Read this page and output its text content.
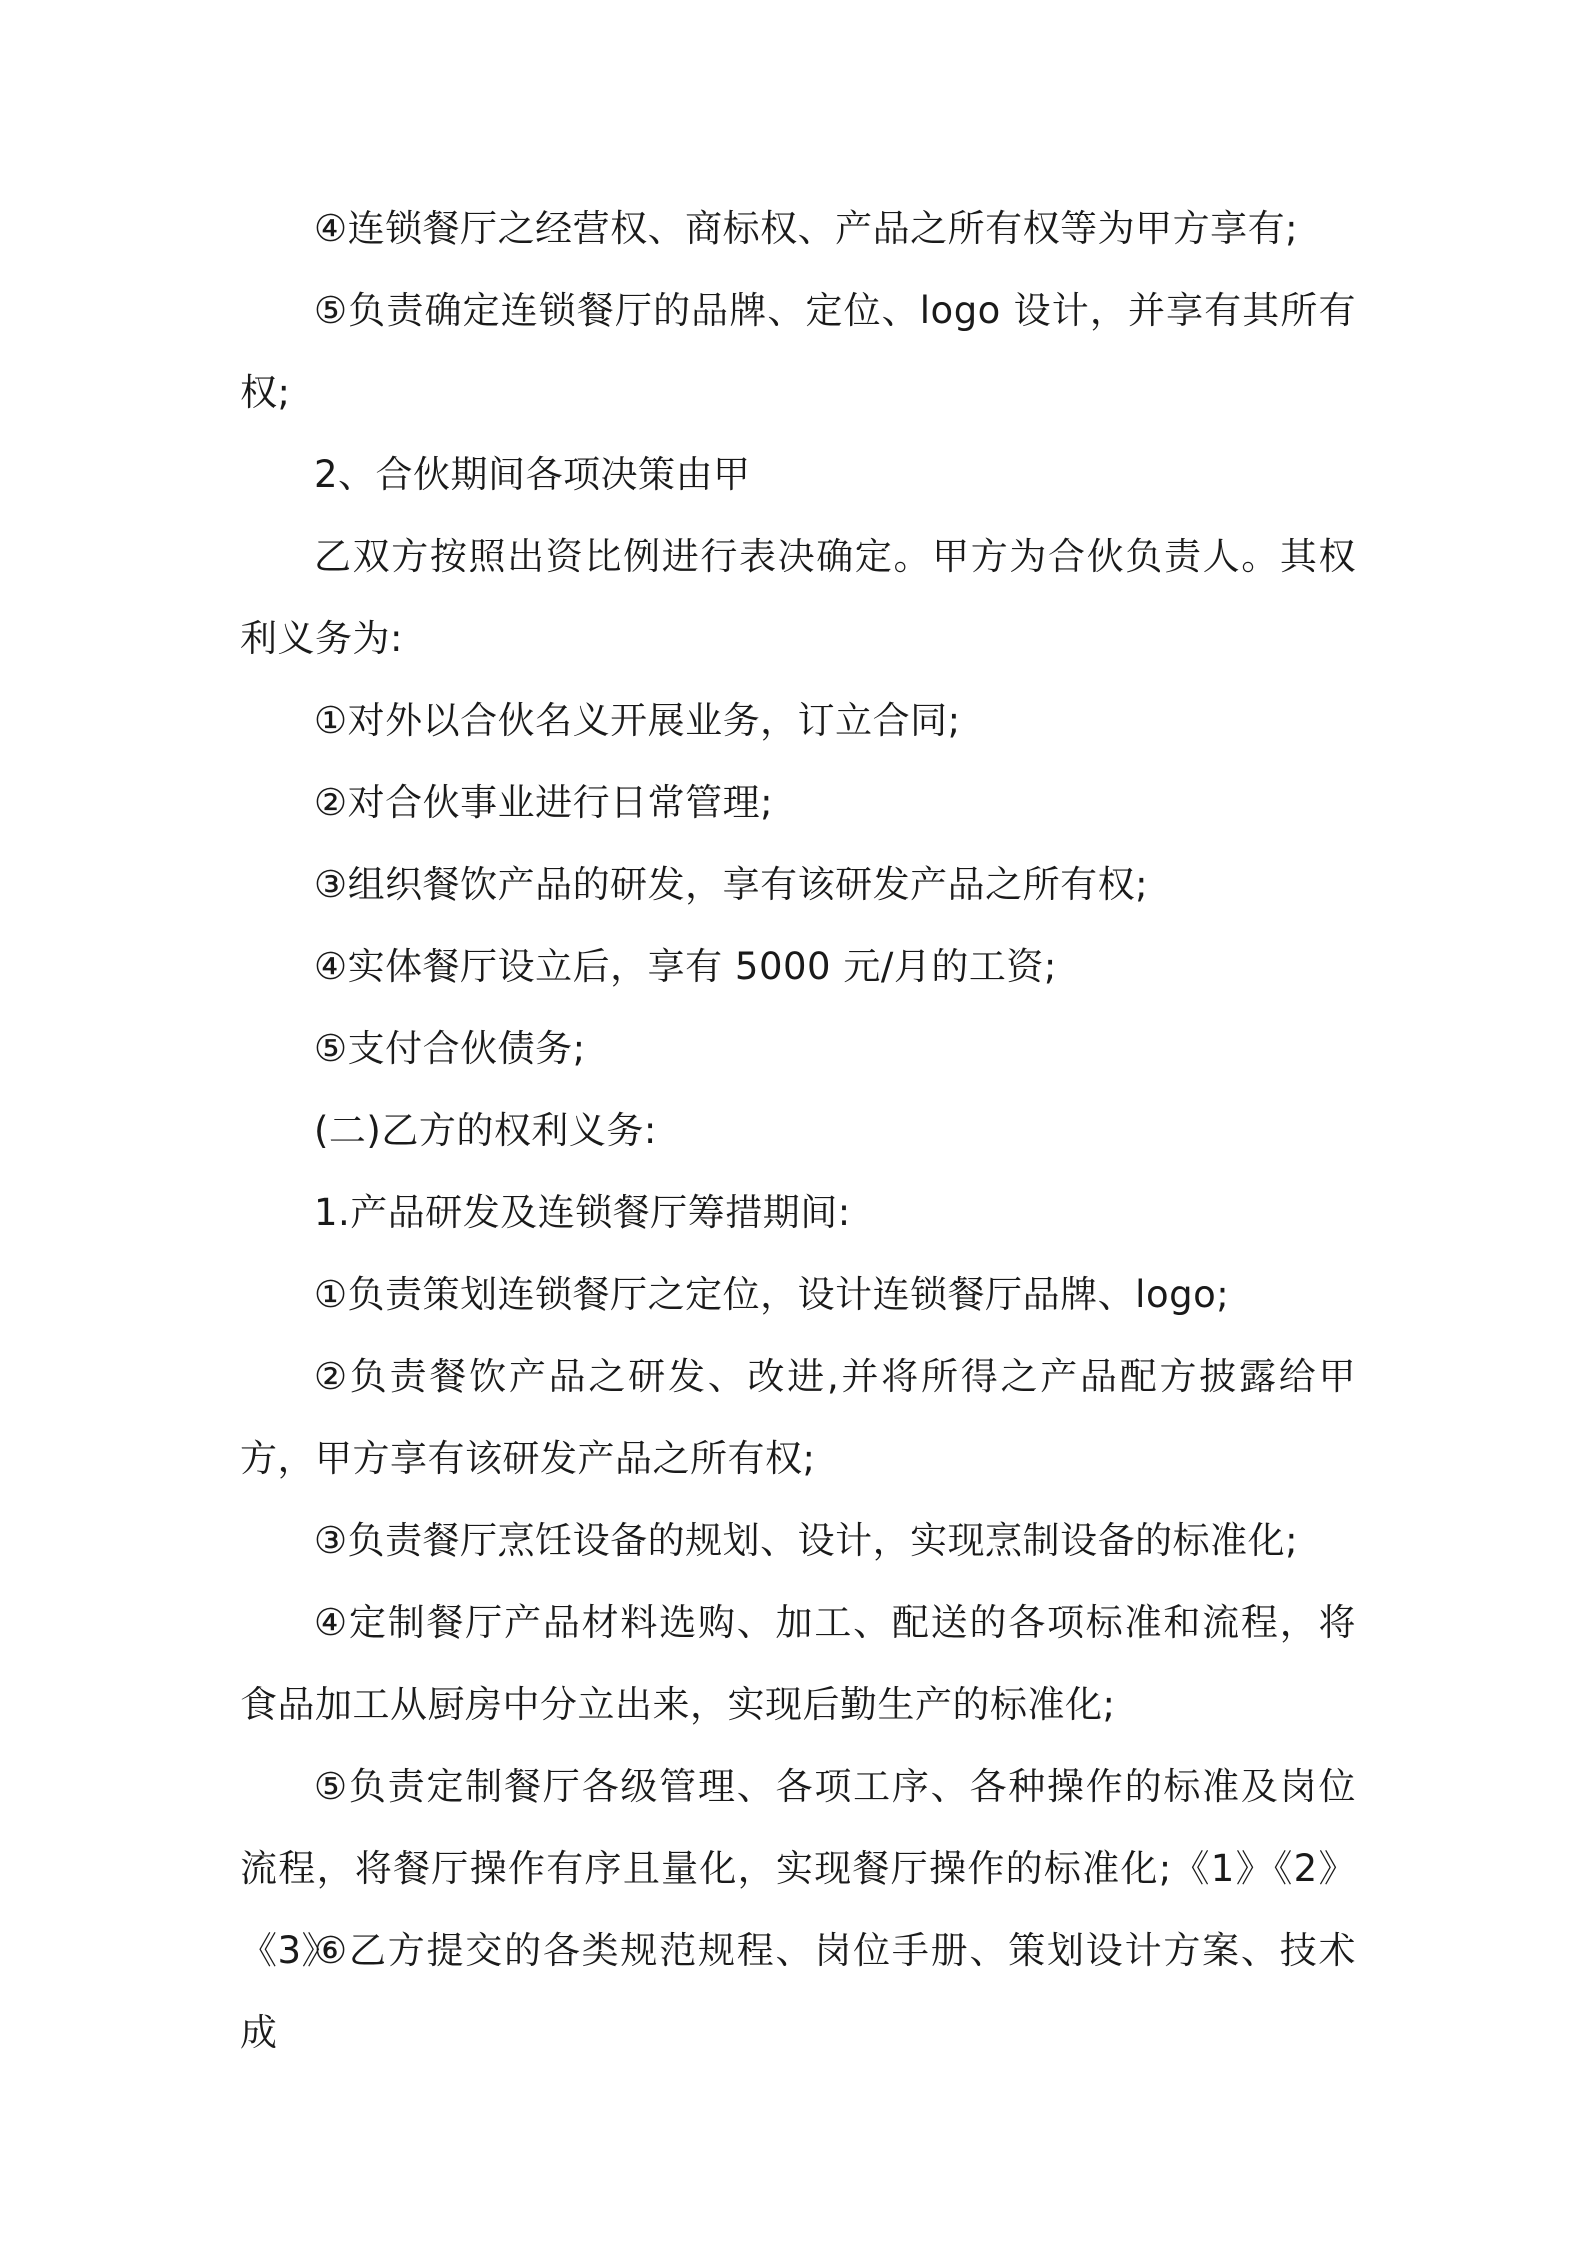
④连锁餐厅之经营权、商标权、产品之所有权等为甲方享有;

⑤负责确定连锁餐厅的品牌、定位、logo 设计，并享有其所有权;

2、合伙期间各项决策由甲

乙双方按照出资比例进行表决确定。甲方为合伙负责人。其权利义务为:

①对外以合伙名义开展业务，订立合同;

②对合伙事业进行日常管理;

③组织餐饮产品的研发，享有该研发产品之所有权;

④实体餐厅设立后，享有 5000 元/月的工资;

⑤支付合伙债务;

(二)乙方的权利义务:

1.产品研发及连锁餐厅筹措期间:

①负责策划连锁餐厅之定位，设计连锁餐厅品牌、logo;

②负责餐饮产品之研发、改进,并将所得之产品配方披露给甲方，甲方享有该研发产品之所有权;

③负责餐厅烹饪设备的规划、设计，实现烹制设备的标准化;

④定制餐厅产品材料选购、加工、配送的各项标准和流程，将食品加工从厨房中分立出来，实现后勤生产的标准化;

⑤负责定制餐厅各级管理、各项工序、各种操作的标准及岗位流程，将餐厅操作有序且量化，实现餐厅操作的标准化;《1》《2》《3》

⑥乙方提交的各类规范规程、岗位手册、策划设计方案、技术成
